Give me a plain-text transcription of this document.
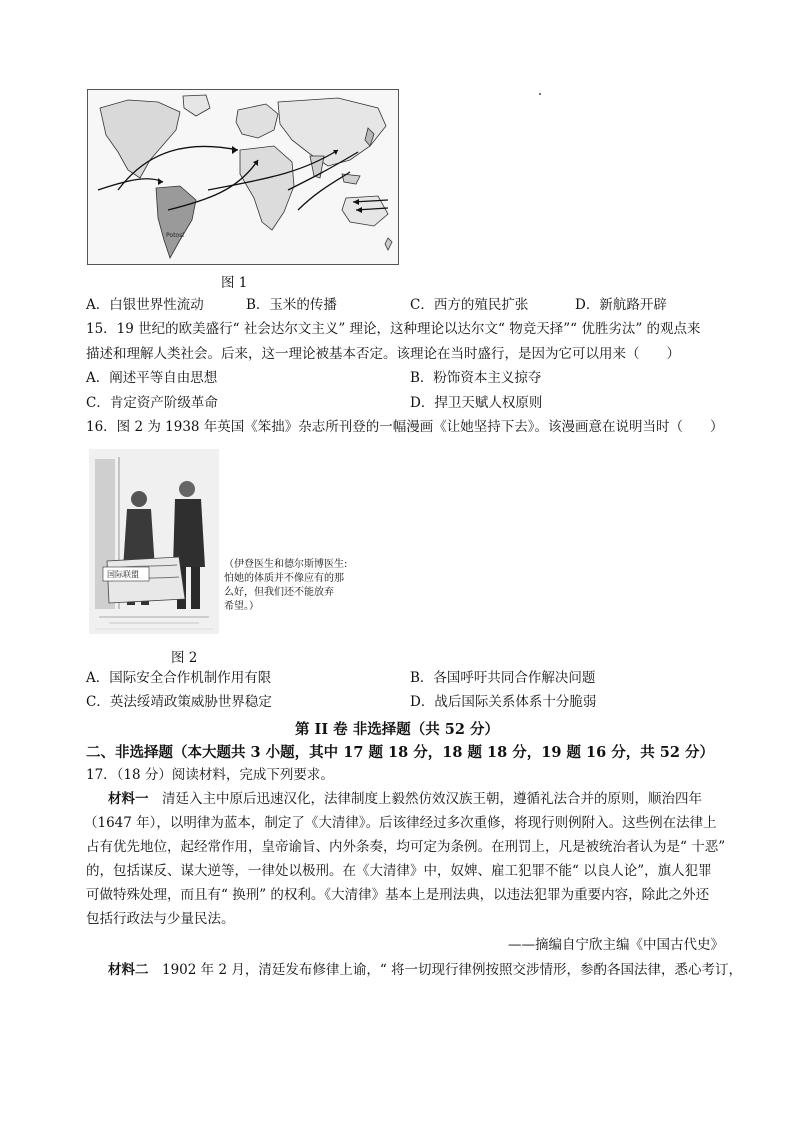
Potosí
图 1
A．白银世界性流动	B．玉米的传播	C．西方的殖民扩张	D．新航路开辟
15．19 世纪的欧美盛行“ 社会达尔文主义” 理论，这种理论以达尔文“ 物竞天择”“ 优胜劣汰” 的观点来
描述和理解人类社会。后来，这一理论被基本否定。该理论在当时盛行，是因为它可以用来（　　）
A．阐述平等自由思想	B．粉饰资本主义掠夺
C．肯定资产阶级革命	D．捍卫天赋人权原则
16．图 2 为 1938 年英国《笨拙》杂志所刊登的一幅漫画《让她坚持下去》。该漫画意在说明当时（　　）
国际联盟
（伊登医生和德尔斯博医生:
怕她的体质并不像应有的那
么好，但我们还不能放弃
希望。）
图 2
A．国际安全合作机制作用有限	B．各国呼吁共同合作解决问题
C．英法绥靖政策威胁世界稳定	D．战后国际关系体系十分脆弱
第 II 卷 非选择题（共 52 分）
二、非选择题（本大题共 3 小题，其中 17 题 18 分，18 题 18 分，19 题 16 分，共 52 分）
17．（18 分）阅读材料，完成下列要求。
材料一　 清廷入主中原后迅速汉化，法律制度上毅然仿效汉族王朝，遵循礼法合并的原则，顺治四年
（1647 年），以明律为蓝本，制定了《大清律》。后该律经过多次重修，将现行则例附入。这些例在法律上
占有优先地位，起经常作用，皇帝谕旨、内外条奏，均可定为条例。在刑罚上，凡是被统治者认为是“ 十恶”
的，包括谋反、谋大逆等，一律处以极刑。在《大清律》中，奴婢、雇工犯罪不能“ 以良人论”，旗人犯罪
可做特殊处理，而且有“ 换刑” 的权利。《大清律》基本上是刑法典，以违法犯罪为重要内容，除此之外还
包括行政法与少量民法。
——摘编自宁欣主编《中国古代史》
材料二　 1902 年 2 月，清廷发布修律上谕，“ 将一切现行律例按照交涉情形，参酌各国法律，悉心考订，
